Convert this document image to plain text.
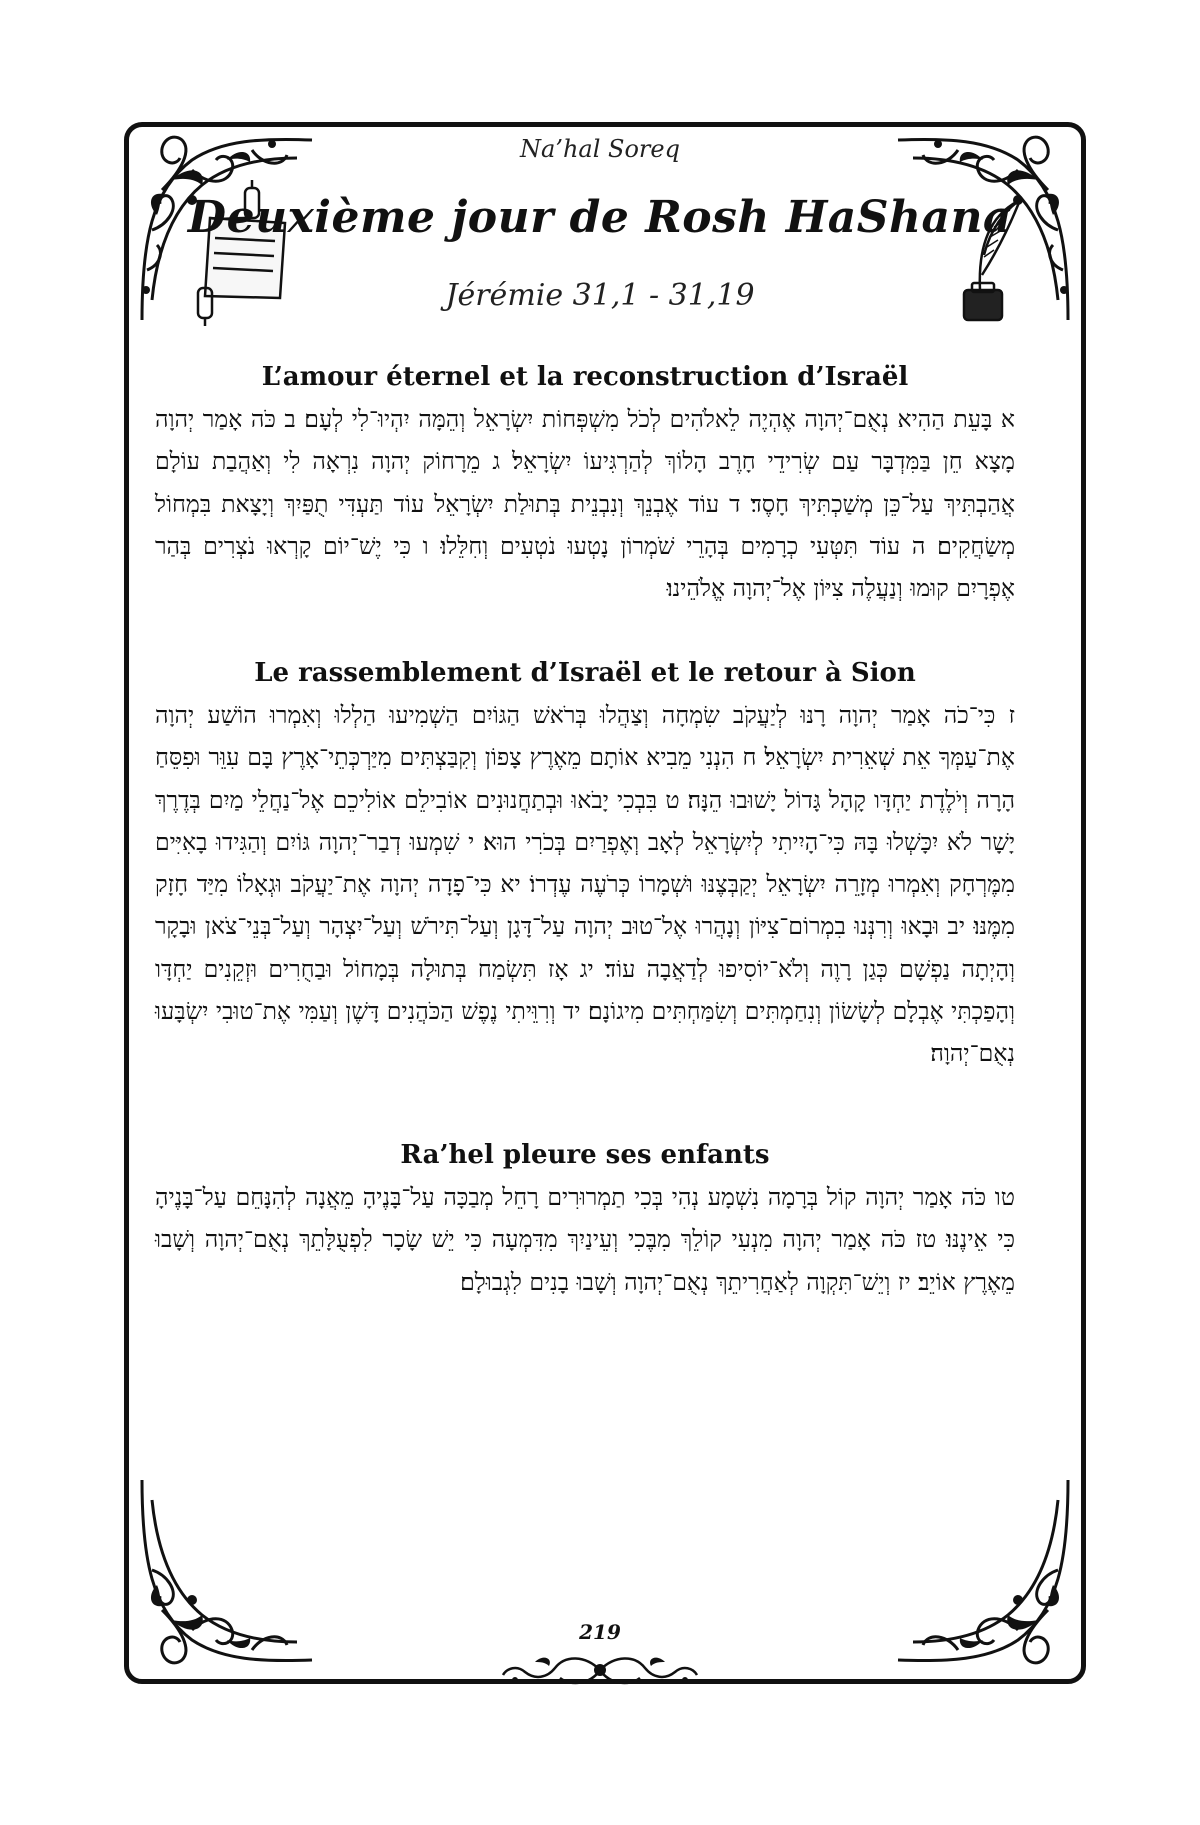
Na’hal Soreq
Deuxième jour de Rosh HaShana
Jérémie 31,1 - 31,19
L’amour éternel et la reconstruction d’Israël

א בָּעֵת הַהִיא נְאֻם־יְהוָה אֶהְיֶה לֵאלֹהִים לְכֹל מִשְׁפְּחוֹת יִשְׂרָאֵל וְהֵמָּה יִהְיוּ־לִי לְעָם׃ ב כֹּה אָמַר יְהוָה מָצָא חֵן בַּמִּדְבָּר עַם שְׂרִידֵי חָרֶב הָלוֹךְ לְהַרְגִּיעוֹ יִשְׂרָאֵל׃ ג מֵרָחוֹק יְהוָה נִרְאָה לִי וְאַהֲבַת עוֹלָם אֲהַבְתִּיךְ עַל־כֵּן מְשַׁכְתִּיךְ חָסֶד׃ ד עוֹד אֶבְנֵךְ וְנִבְנֵית בְּתוּלַת יִשְׂרָאֵל עוֹד תַּעְדִּי תֻפַּיִךְ וְיָצָאת בִּמְחוֹל מְשַׂחֲקִים׃ ה עוֹד תִּטְּעִי כְרָמִים בְּהָרֵי שֹׁמְרוֹן נָטְעוּ נֹטְעִים וְחִלֵּלוּ׃ ו כִּי יֶשׁ־יוֹם קָרְאוּ נֹצְרִים בְּהַר אֶפְרָיִם קוּמוּ וְנַעֲלֶה צִיּוֹן אֶל־יְהוָה אֱלֹהֵינוּ׃

Le rassemblement d’Israël et le retour à Sion

ז כִּי־כֹה אָמַר יְהוָה רָנּוּ לְיַעֲקֹב שִׂמְחָה וְצַהֲלוּ בְּרֹאשׁ הַגּוֹיִם הַשְׁמִיעוּ הַלְלוּ וְאִמְרוּ הוֹשַׁע יְהוָה אֶת־עַמְּךָ אֵת שְׁאֵרִית יִשְׂרָאֵל׃ ח הִנְנִי מֵבִיא אוֹתָם מֵאֶרֶץ צָפוֹן וְקִבַּצְתִּים מִיַּרְכְּתֵי־אָרֶץ בָּם עִוֵּר וּפִסֵּחַ הָרָה וְיֹלֶדֶת יַחְדָּו קָהָל גָּדוֹל יָשׁוּבוּ הֵנָּה׃ ט בִּבְכִי יָבֹאוּ וּבְתַחֲנוּנִים אוֹבִילֵם אוֹלִיכֵם אֶל־נַחֲלֵי מַיִם בְּדֶרֶךְ יָשָׁר לֹא יִכָּשְׁלוּ בָּהּ כִּי־הָיִיתִי לְיִשְׂרָאֵל לְאָב וְאֶפְרַיִם בְּכֹרִי הוּא׃ י שִׁמְעוּ דְבַר־יְהוָה גּוֹיִם וְהַגִּידוּ בָאִיִּים מִמֶּרְחָק וְאִמְרוּ מְזָרֵה יִשְׂרָאֵל יְקַבְּצֶנּוּ וּשְׁמָרוֹ כְּרֹעֶה עֶדְרוֹ׃ יא כִּי־פָדָה יְהוָה אֶת־יַעֲקֹב וּגְאָלוֹ מִיַּד חָזָק מִמֶּנּוּ׃ יב וּבָאוּ וְרִנְּנוּ בִמְרוֹם־צִיּוֹן וְנָהֲרוּ אֶל־טוּב יְהוָה עַל־דָּגָן וְעַל־תִּירֹשׁ וְעַל־יִצְהָר וְעַל־בְּנֵי־צֹאן וּבָקָר וְהָיְתָה נַפְשָׁם כְּגַן רָוֶה וְלֹא־יוֹסִיפוּ לְדַאֲבָה עוֹד׃ יג אָז תִּשְׂמַח בְּתוּלָה בְּמָחוֹל וּבַחֻרִים וּזְקֵנִים יַחְדָּו וְהָפַכְתִּי אֶבְלָם לְשָׂשׂוֹן וְנִחַמְתִּים וְשִׂמַּחְתִּים מִיגוֹנָם׃ יד וְרִוֵּיתִי נֶפֶשׁ הַכֹּהֲנִים דָּשֶׁן וְעַמִּי אֶת־טוּבִי יִשְׂבָּעוּ נְאֻם־יְהוָה׃

Ra’hel pleure ses enfants

טו כֹּה אָמַר יְהוָה קוֹל בְּרָמָה נִשְׁמָע נְהִי בְּכִי תַמְרוּרִים רָחֵל מְבַכָּה עַל־בָּנֶיהָ מֵאֲנָה לְהִנָּחֵם עַל־בָּנֶיהָ כִּי אֵינֶנּוּ׃ טז כֹּה אָמַר יְהוָה מִנְעִי קוֹלֵךְ מִבֶּכִי וְעֵינַיִךְ מִדִּמְעָה כִּי יֵשׁ שָׂכָר לִפְעֻלָּתֵךְ נְאֻם־יְהוָה וְשָׁבוּ מֵאֶרֶץ אוֹיֵב׃ יז וְיֵשׁ־תִּקְוָה לְאַחֲרִיתֵךְ נְאֻם־יְהוָה וְשָׁבוּ בָנִים לִגְבוּלָם׃

219
